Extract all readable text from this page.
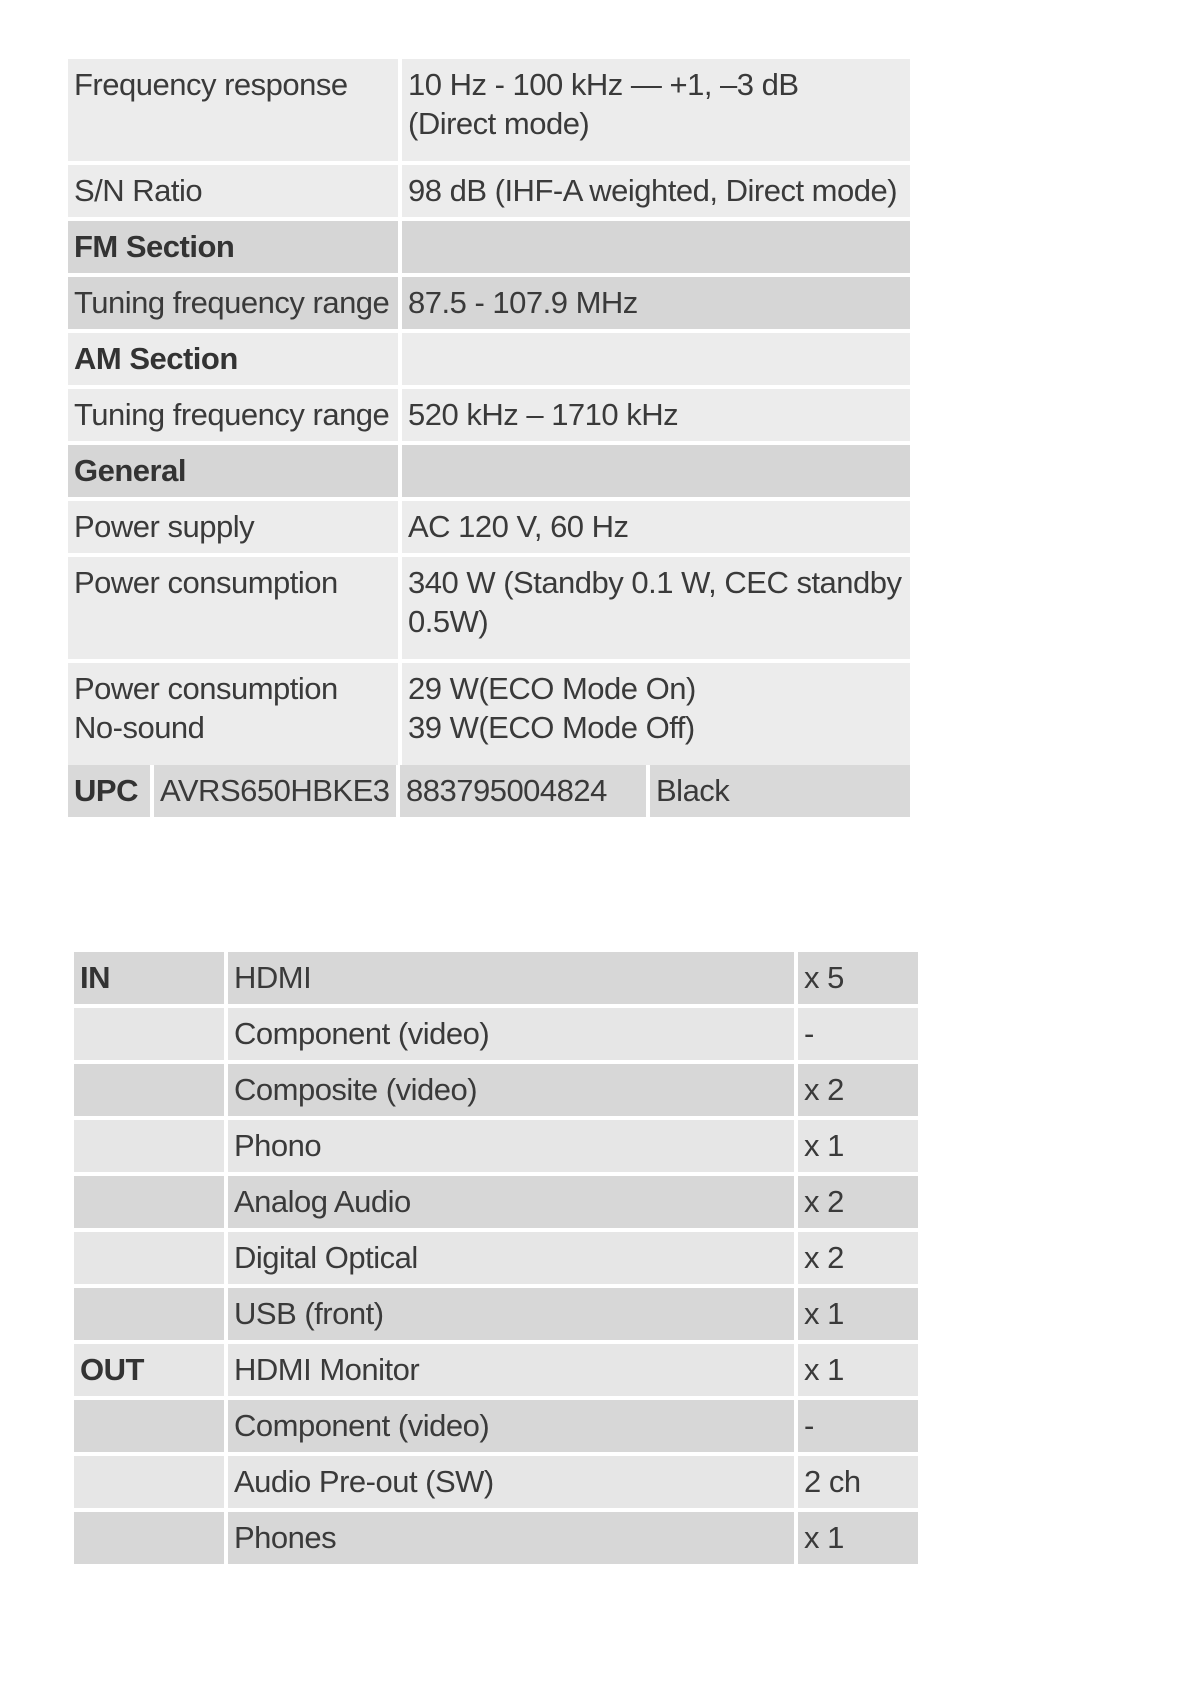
Frequency response	10 Hz - 100 kHz — +1, –3 dB
(Direct mode)
S/N Ratio	98 dB (IHF-A weighted, Direct mode)
FM Section	
Tuning frequency range	87.5 - 107.9 MHz
AM Section	
Tuning frequency range	520 kHz – 1710 kHz
General	
Power supply	AC 120 V, 60 Hz
Power consumption	340 W (Standby 0.1 W, CEC standby
0.5W)
Power consumption
No-sound	29 W(ECO Mode On)
39 W(ECO Mode Off)
UPC	AVRS650HBKE3	883795004824	Black
IN	HDMI	x 5
	Component (video)	-
	Composite (video)	x 2
	Phono	x 1
	Analog Audio	x 2
	Digital Optical	x 2
	USB (front)	x 1
OUT	HDMI Monitor	x 1
	Component (video)	-
	Audio Pre-out (SW)	2 ch
	Phones	x 1
